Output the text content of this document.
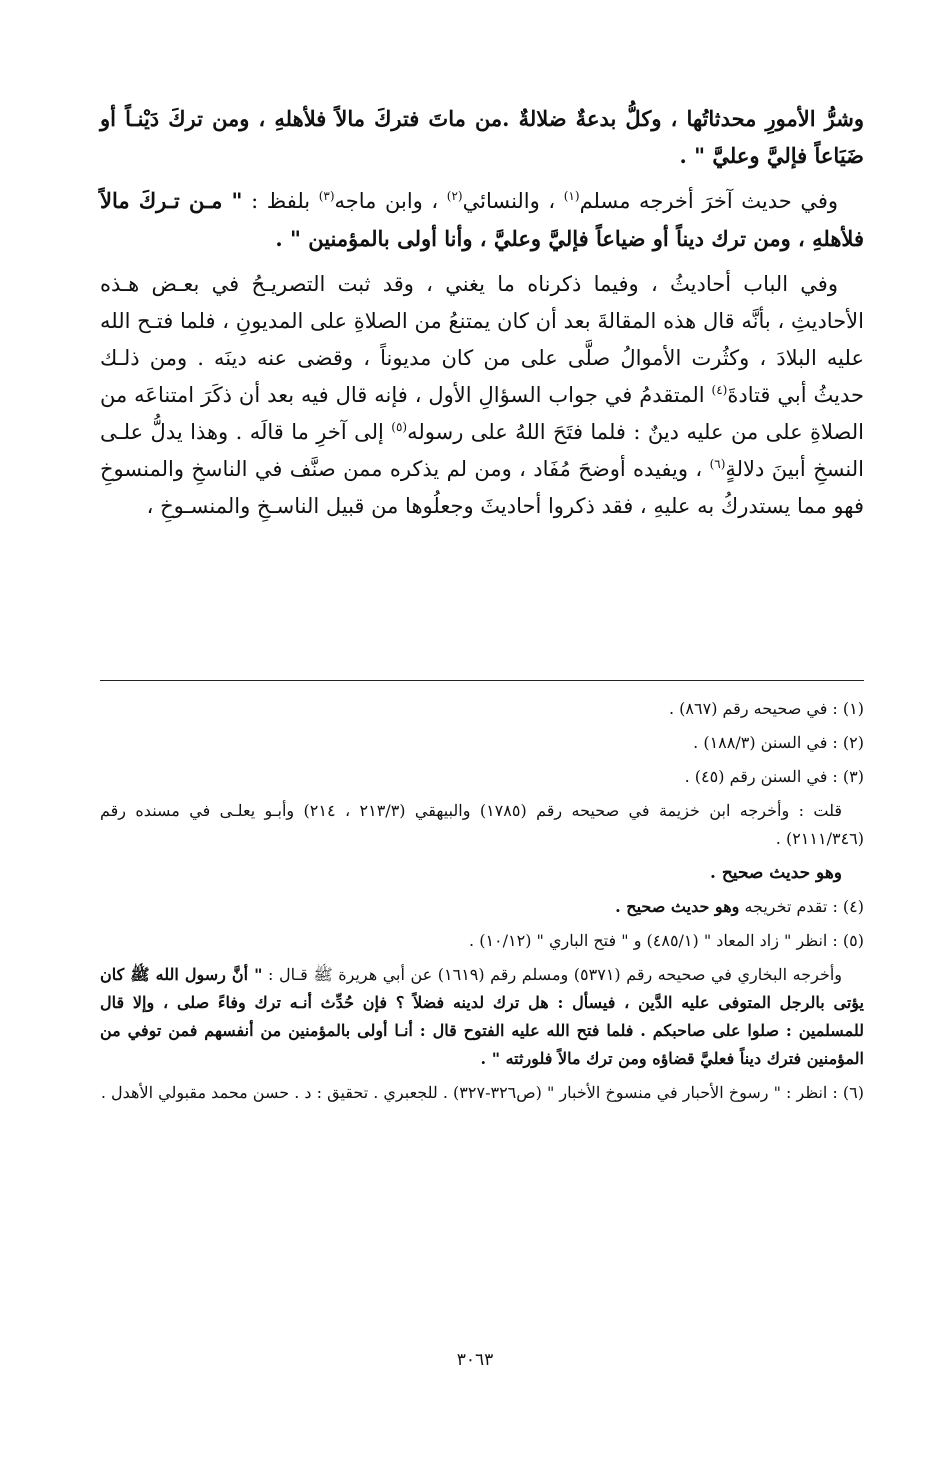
وشرُّ الأمورِ محدثاتُها ، وكلُّ بدعةٌ ضلالةٌ .من ماتَ فتركَ مالاً فلأهلهِ ، ومن تركَ دَيْنـاً أو ضَيَاعاً فإليَّ وعليَّ " .

وفي حديث آخرَ أخرجه مسلم$^{(١)}$ ، والنسائي$^{(٢)}$ ، وابن ماجه$^{(٣)}$ بلفظ : " مـن تـركَ مالاً فلأهلهِ ، ومن ترك ديناً أو ضياعاً فإليَّ وعليَّ ، وأنا أولى بالمؤمنين " .

وفي الباب أحاديثُ ، وفيما ذكرناه ما يغني ، وقد ثبت التصريـحُ في بعـض هـذه الأحاديثِ ، بأنَّه قال هذه المقالةَ بعد أن كان يمتنعُ من الصلاةِ على المديونِ ، فلما فتـح الله عليه البلادَ ، وكثُرت الأموالُ صلَّى على من كان مديوناً ، وقضى عنه دينَه . ومن ذلـك حديثُ أبي قتادةَ$^{(٤)}$ المتقدمُ في جواب السؤالِ الأول ، فإنه قال فيه بعد أن ذكَرَ امتناعَه من الصلاةِ على من عليه دينٌ : فلما فتَحَ اللهُ على رسوله$^{(٥)}$ إلى آخرِ ما قالَه . وهذا يدلُّ علـى النسخِ أبينَ دلالةٍ$^{(٦)}$ ، ويفيده أوضحَ مُفَاد ، ومن لم يذكره ممن صنَّف في الناسخِ والمنسوخِ فهو مما يستدركُ به عليهِ ، فقد ذكروا أحاديثَ وجعلُوها من قبيل الناسـخِ والمنسـوخِ ،

(١) : في صحيحه رقم (٨٦٧) .

(٢) : في السنن (١٨٨/٣) .

(٣) : في السنن رقم (٤٥) .

قلت : وأخرجه ابن خزيمة في صحيحه رقم (١٧٨٥) والبيهقي (٢١٣/٣ ، ٢١٤) وأبـو يعلـى في مسنده رقم (٢١١١/٣٤٦) .

وهو حديث صحيح .

(٤) : تقدم تخريجه وهو حديث صحيح .

(٥) : انظر " زاد المعاد " (٤٨٥/١) و " فتح الباري " (١٠/١٢) .

وأخرجه البخاري في صحيحه رقم (٥٣٧١) ومسلم رقم (١٦١٩) عن أبي هريرة ﷺ قـال : " أنَّ رسول الله ﷺ كان يؤتى بالرجل المتوفى عليه الدَّين ، فيسأل : هل ترك لدينه فضلاً ؟ فإن حُدِّث أنـه ترك وفاءً صلى ، وإلا قال للمسلمين : صلوا على صاحبكم . فلما فتح الله عليه الفتوح قال : أنـا أولى بالمؤمنين من أنفسهم فمن توفي من المؤمنين فترك ديناً فعليَّ قضاؤه ومن ترك مالاً فلورثته " .

(٦) : انظر : " رسوخ الأحبار في منسوخ الأخبار " (ص٣٢٦-٣٢٧) . للجعبري . تحقيق : د . حسن محمد مقبولي الأهدل .

٣٠٦٣
